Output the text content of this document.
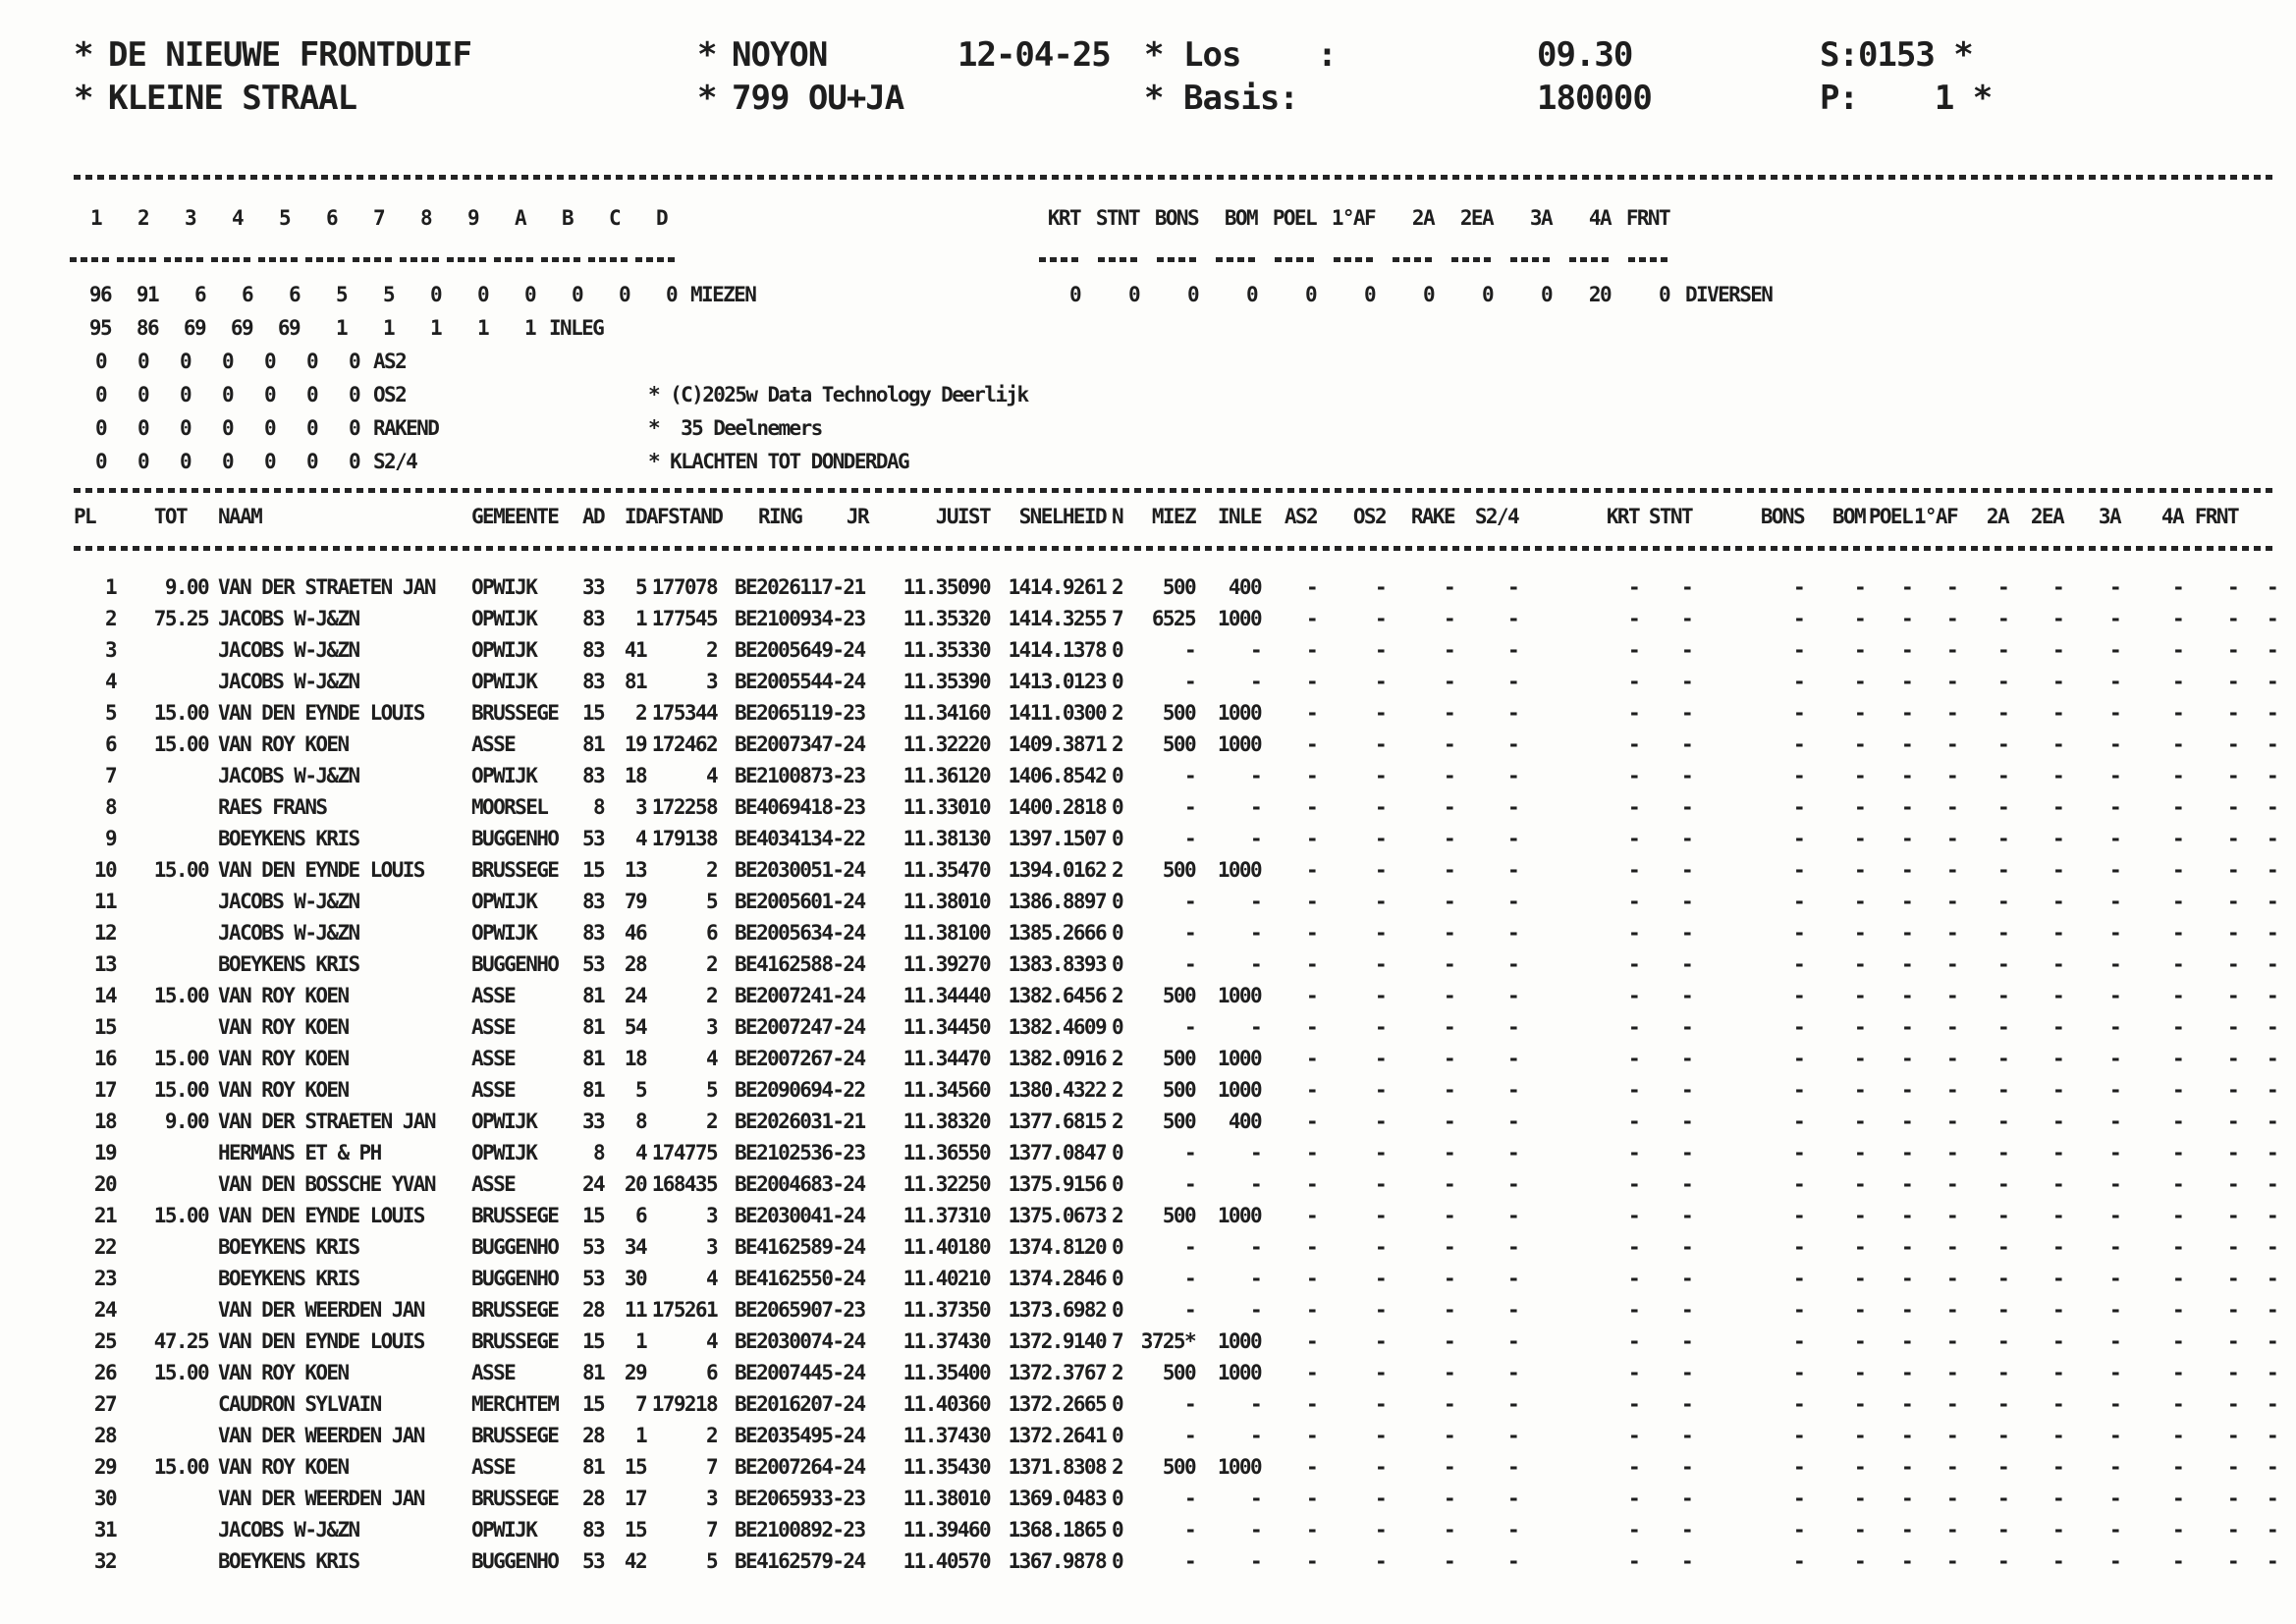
* DE NIEUWE FRONTDUIF
* KLEINE STRAAL
* NOYON
* 799 OU+JA
12-04-25 * Los    :	09.30
* Basis:	180000
S:0153 *
P:    1 *
1	2	3	4	5	6	7	8	9	A	B	C	D	KRT STNT BONS	BOM POEL 1°AF	2A	2EA	3A	4A FRNT
96	91	6	6	6	5	5	0	0	0	0	0	0 MIEZEN	0	0	0	0	0	0	0	0	0	20	0 DIVERSEN
95	86	69	69	69	1	1	1	1	1 INLEG
0	0	0	0	0	0	0 AS2
0	0	0	0	0	0	0 OS2
0	0	0	0	0	0	0 RAKEND
0	0	0	0	0	0	0 S2/4
* (C)2025w Data Technology Deerlijk
*  35 Deelnemers
* KLACHTEN TOT DONDERDAG
PL	TOT	NAAM	GEMEENTE	AD	ID	AFSTAND	RING JR	JUIST	SNELHEID	N	MIEZ	INLE	AS2	OS2	RAKE	S2/4	KRT	STNT	BONS	BOM	POEL	1°AF	2A	2EA	3A	4A	FRNT	
1	9.00	VAN DER STRAETEN JAN	OPWIJK	33	5	177078	BE2026117-21	11.35090	1414.9261	2	500	400	-	-	-	-	-	-	-	-	-	-	-	-	-	-	-	-
2	75.25	JACOBS W-J&ZN	OPWIJK	83	1	177545	BE2100934-23	11.35320	1414.3255	7	6525	1000	-	-	-	-	-	-	-	-	-	-	-	-	-	-	-	-
3		JACOBS W-J&ZN	OPWIJK	83	41	2	BE2005649-24	11.35330	1414.1378	0	-	-	-	-	-	-	-	-	-	-	-	-	-	-	-	-	-	-
4		JACOBS W-J&ZN	OPWIJK	83	81	3	BE2005544-24	11.35390	1413.0123	0	-	-	-	-	-	-	-	-	-	-	-	-	-	-	-	-	-	-
5	15.00	VAN DEN EYNDE LOUIS	BRUSSEGE	15	2	175344	BE2065119-23	11.34160	1411.0300	2	500	1000	-	-	-	-	-	-	-	-	-	-	-	-	-	-	-	-
6	15.00	VAN ROY KOEN	ASSE	81	19	172462	BE2007347-24	11.32220	1409.3871	2	500	1000	-	-	-	-	-	-	-	-	-	-	-	-	-	-	-	-
7		JACOBS W-J&ZN	OPWIJK	83	18	4	BE2100873-23	11.36120	1406.8542	0	-	-	-	-	-	-	-	-	-	-	-	-	-	-	-	-	-	-
8		RAES FRANS	MOORSEL	8	3	172258	BE4069418-23	11.33010	1400.2818	0	-	-	-	-	-	-	-	-	-	-	-	-	-	-	-	-	-	-
9		BOEYKENS KRIS	BUGGENHO	53	4	179138	BE4034134-22	11.38130	1397.1507	0	-	-	-	-	-	-	-	-	-	-	-	-	-	-	-	-	-	-
10	15.00	VAN DEN EYNDE LOUIS	BRUSSEGE	15	13	2	BE2030051-24	11.35470	1394.0162	2	500	1000	-	-	-	-	-	-	-	-	-	-	-	-	-	-	-	-
11		JACOBS W-J&ZN	OPWIJK	83	79	5	BE2005601-24	11.38010	1386.8897	0	-	-	-	-	-	-	-	-	-	-	-	-	-	-	-	-	-	-
12		JACOBS W-J&ZN	OPWIJK	83	46	6	BE2005634-24	11.38100	1385.2666	0	-	-	-	-	-	-	-	-	-	-	-	-	-	-	-	-	-	-
13		BOEYKENS KRIS	BUGGENHO	53	28	2	BE4162588-24	11.39270	1383.8393	0	-	-	-	-	-	-	-	-	-	-	-	-	-	-	-	-	-	-
14	15.00	VAN ROY KOEN	ASSE	81	24	2	BE2007241-24	11.34440	1382.6456	2	500	1000	-	-	-	-	-	-	-	-	-	-	-	-	-	-	-	-
15		VAN ROY KOEN	ASSE	81	54	3	BE2007247-24	11.34450	1382.4609	0	-	-	-	-	-	-	-	-	-	-	-	-	-	-	-	-	-	-
16	15.00	VAN ROY KOEN	ASSE	81	18	4	BE2007267-24	11.34470	1382.0916	2	500	1000	-	-	-	-	-	-	-	-	-	-	-	-	-	-	-	-
17	15.00	VAN ROY KOEN	ASSE	81	5	5	BE2090694-22	11.34560	1380.4322	2	500	1000	-	-	-	-	-	-	-	-	-	-	-	-	-	-	-	-
18	9.00	VAN DER STRAETEN JAN	OPWIJK	33	8	2	BE2026031-21	11.38320	1377.6815	2	500	400	-	-	-	-	-	-	-	-	-	-	-	-	-	-	-	-
19		HERMANS ET & PH	OPWIJK	8	4	174775	BE2102536-23	11.36550	1377.0847	0	-	-	-	-	-	-	-	-	-	-	-	-	-	-	-	-	-	-
20		VAN DEN BOSSCHE YVAN	ASSE	24	20	168435	BE2004683-24	11.32250	1375.9156	0	-	-	-	-	-	-	-	-	-	-	-	-	-	-	-	-	-	-
21	15.00	VAN DEN EYNDE LOUIS	BRUSSEGE	15	6	3	BE2030041-24	11.37310	1375.0673	2	500	1000	-	-	-	-	-	-	-	-	-	-	-	-	-	-	-	-
22		BOEYKENS KRIS	BUGGENHO	53	34	3	BE4162589-24	11.40180	1374.8120	0	-	-	-	-	-	-	-	-	-	-	-	-	-	-	-	-	-	-
23		BOEYKENS KRIS	BUGGENHO	53	30	4	BE4162550-24	11.40210	1374.2846	0	-	-	-	-	-	-	-	-	-	-	-	-	-	-	-	-	-	-
24		VAN DER WEERDEN JAN	BRUSSEGE	28	11	175261	BE2065907-23	11.37350	1373.6982	0	-	-	-	-	-	-	-	-	-	-	-	-	-	-	-	-	-	-
25	47.25	VAN DEN EYNDE LOUIS	BRUSSEGE	15	1	4	BE2030074-24	11.37430	1372.9140	7	3725*	1000	-	-	-	-	-	-	-	-	-	-	-	-	-	-	-	-
26	15.00	VAN ROY KOEN	ASSE	81	29	6	BE2007445-24	11.35400	1372.3767	2	500	1000	-	-	-	-	-	-	-	-	-	-	-	-	-	-	-	-
27		CAUDRON SYLVAIN	MERCHTEM	15	7	179218	BE2016207-24	11.40360	1372.2665	0	-	-	-	-	-	-	-	-	-	-	-	-	-	-	-	-	-	-
28		VAN DER WEERDEN JAN	BRUSSEGE	28	1	2	BE2035495-24	11.37430	1372.2641	0	-	-	-	-	-	-	-	-	-	-	-	-	-	-	-	-	-	-
29	15.00	VAN ROY KOEN	ASSE	81	15	7	BE2007264-24	11.35430	1371.8308	2	500	1000	-	-	-	-	-	-	-	-	-	-	-	-	-	-	-	-
30		VAN DER WEERDEN JAN	BRUSSEGE	28	17	3	BE2065933-23	11.38010	1369.0483	0	-	-	-	-	-	-	-	-	-	-	-	-	-	-	-	-	-	-
31		JACOBS W-J&ZN	OPWIJK	83	15	7	BE2100892-23	11.39460	1368.1865	0	-	-	-	-	-	-	-	-	-	-	-	-	-	-	-	-	-	-
32		BOEYKENS KRIS	BUGGENHO	53	42	5	BE4162579-24	11.40570	1367.9878	0	-	-	-	-	-	-	-	-	-	-	-	-	-	-	-	-	-	-
